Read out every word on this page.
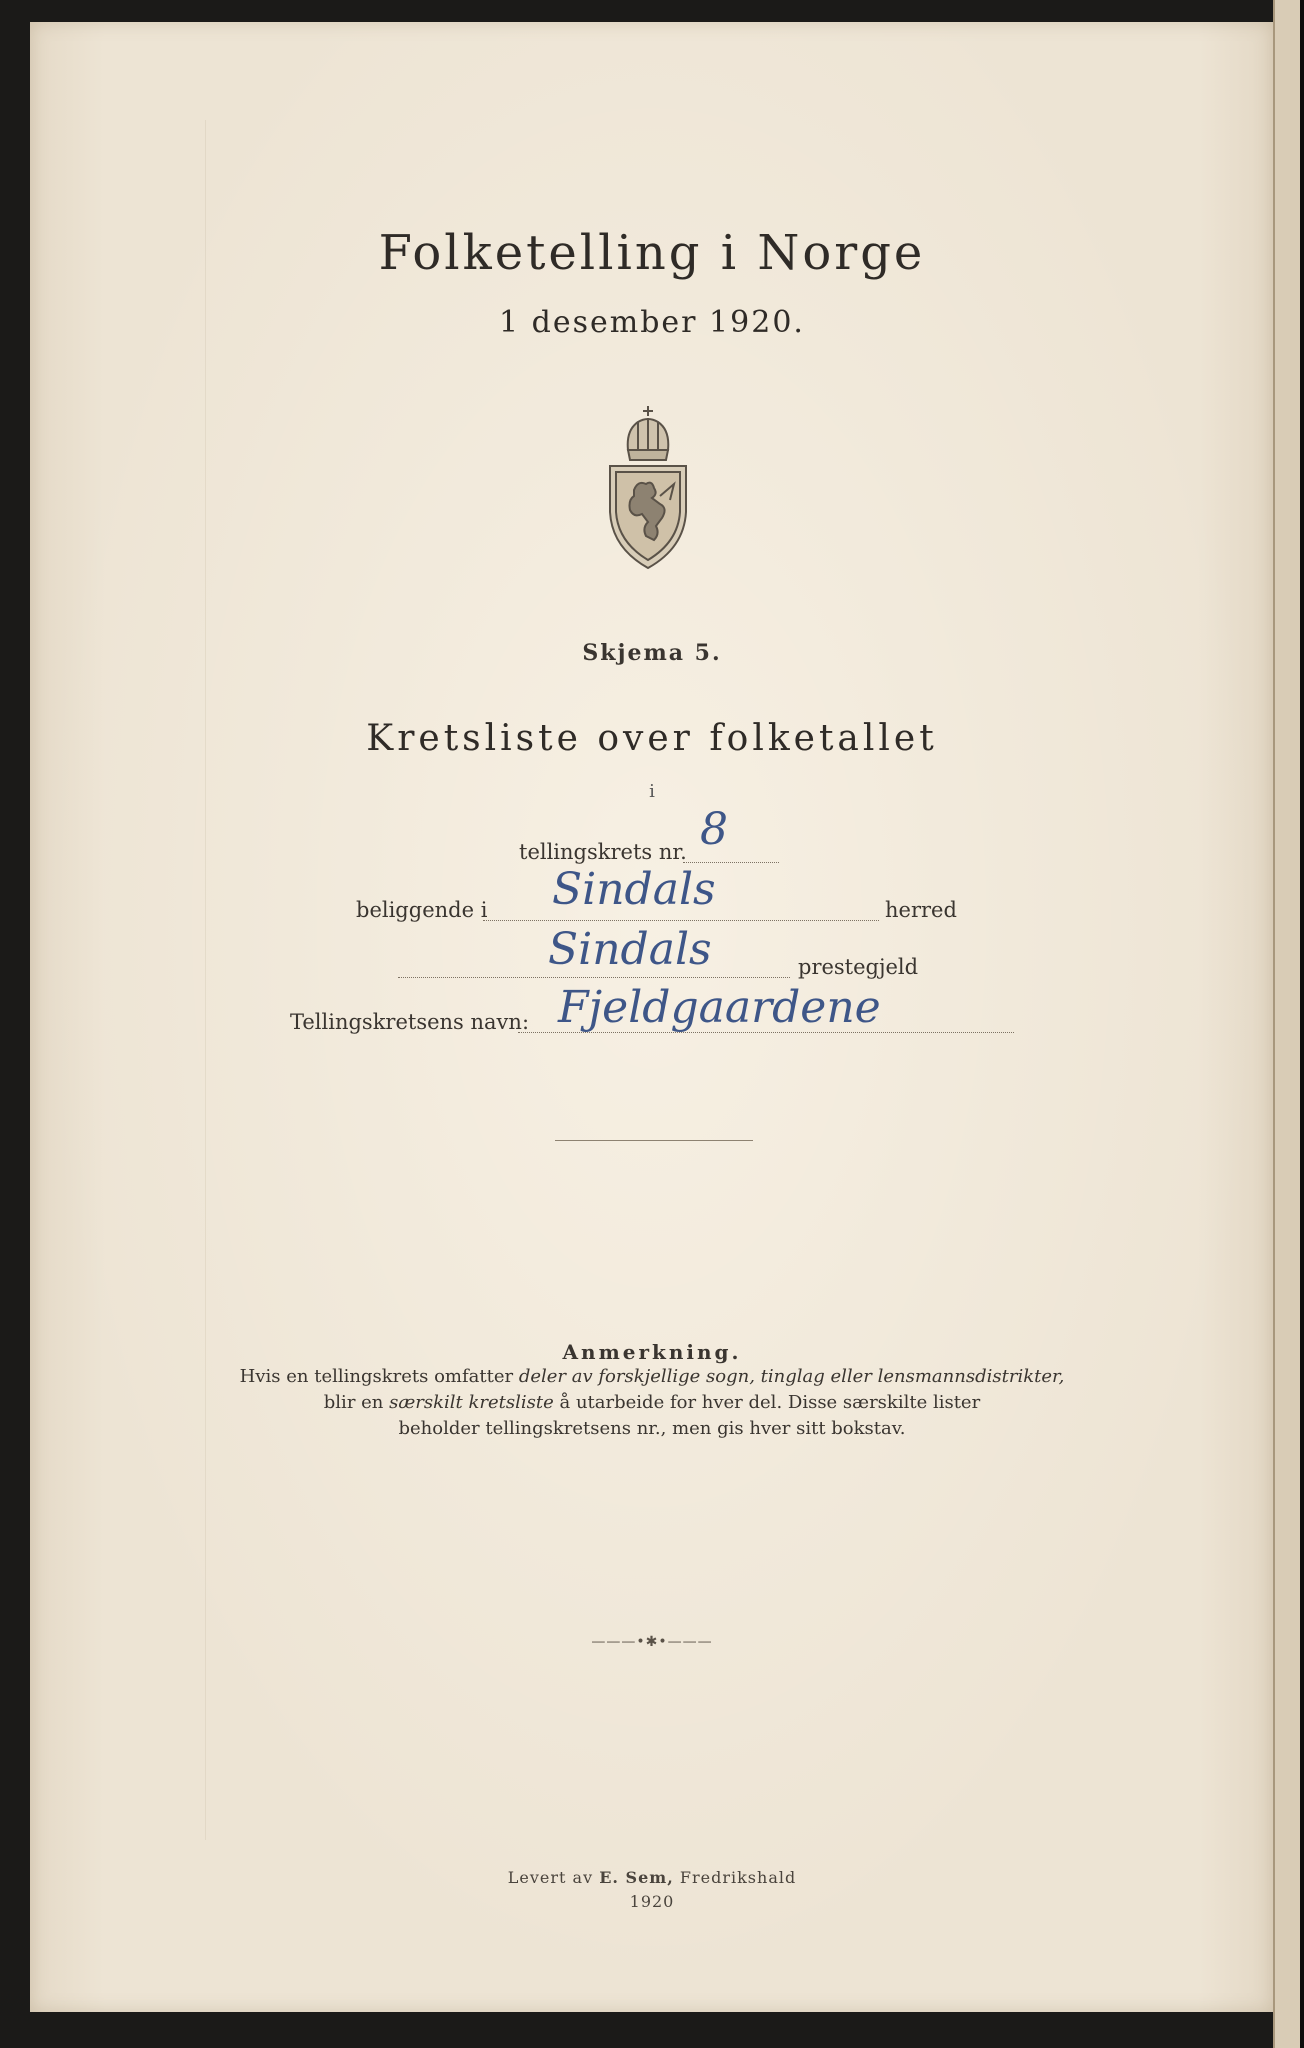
Folketelling i Norge
1 desember 1920.
Skjema 5.
Kretsliste over folketallet
i
tellingskrets nr. 8
beliggende i Sindals	herred
Sindals	prestegjeld
Tellingskretsens navn: Fjeldgaardene
Anmerkning.
Hvis en tellingskrets omfatter deler av forskjellige sogn, tinglag eller lensmannsdistrikter,
blir en særskilt kretsliste å utarbeide for hver del. Disse særskilte lister
beholder tellingskretsens nr., men gis hver sitt bokstav.
———•✱•———
Levert av E. Sem, Fredrikshald
1920
